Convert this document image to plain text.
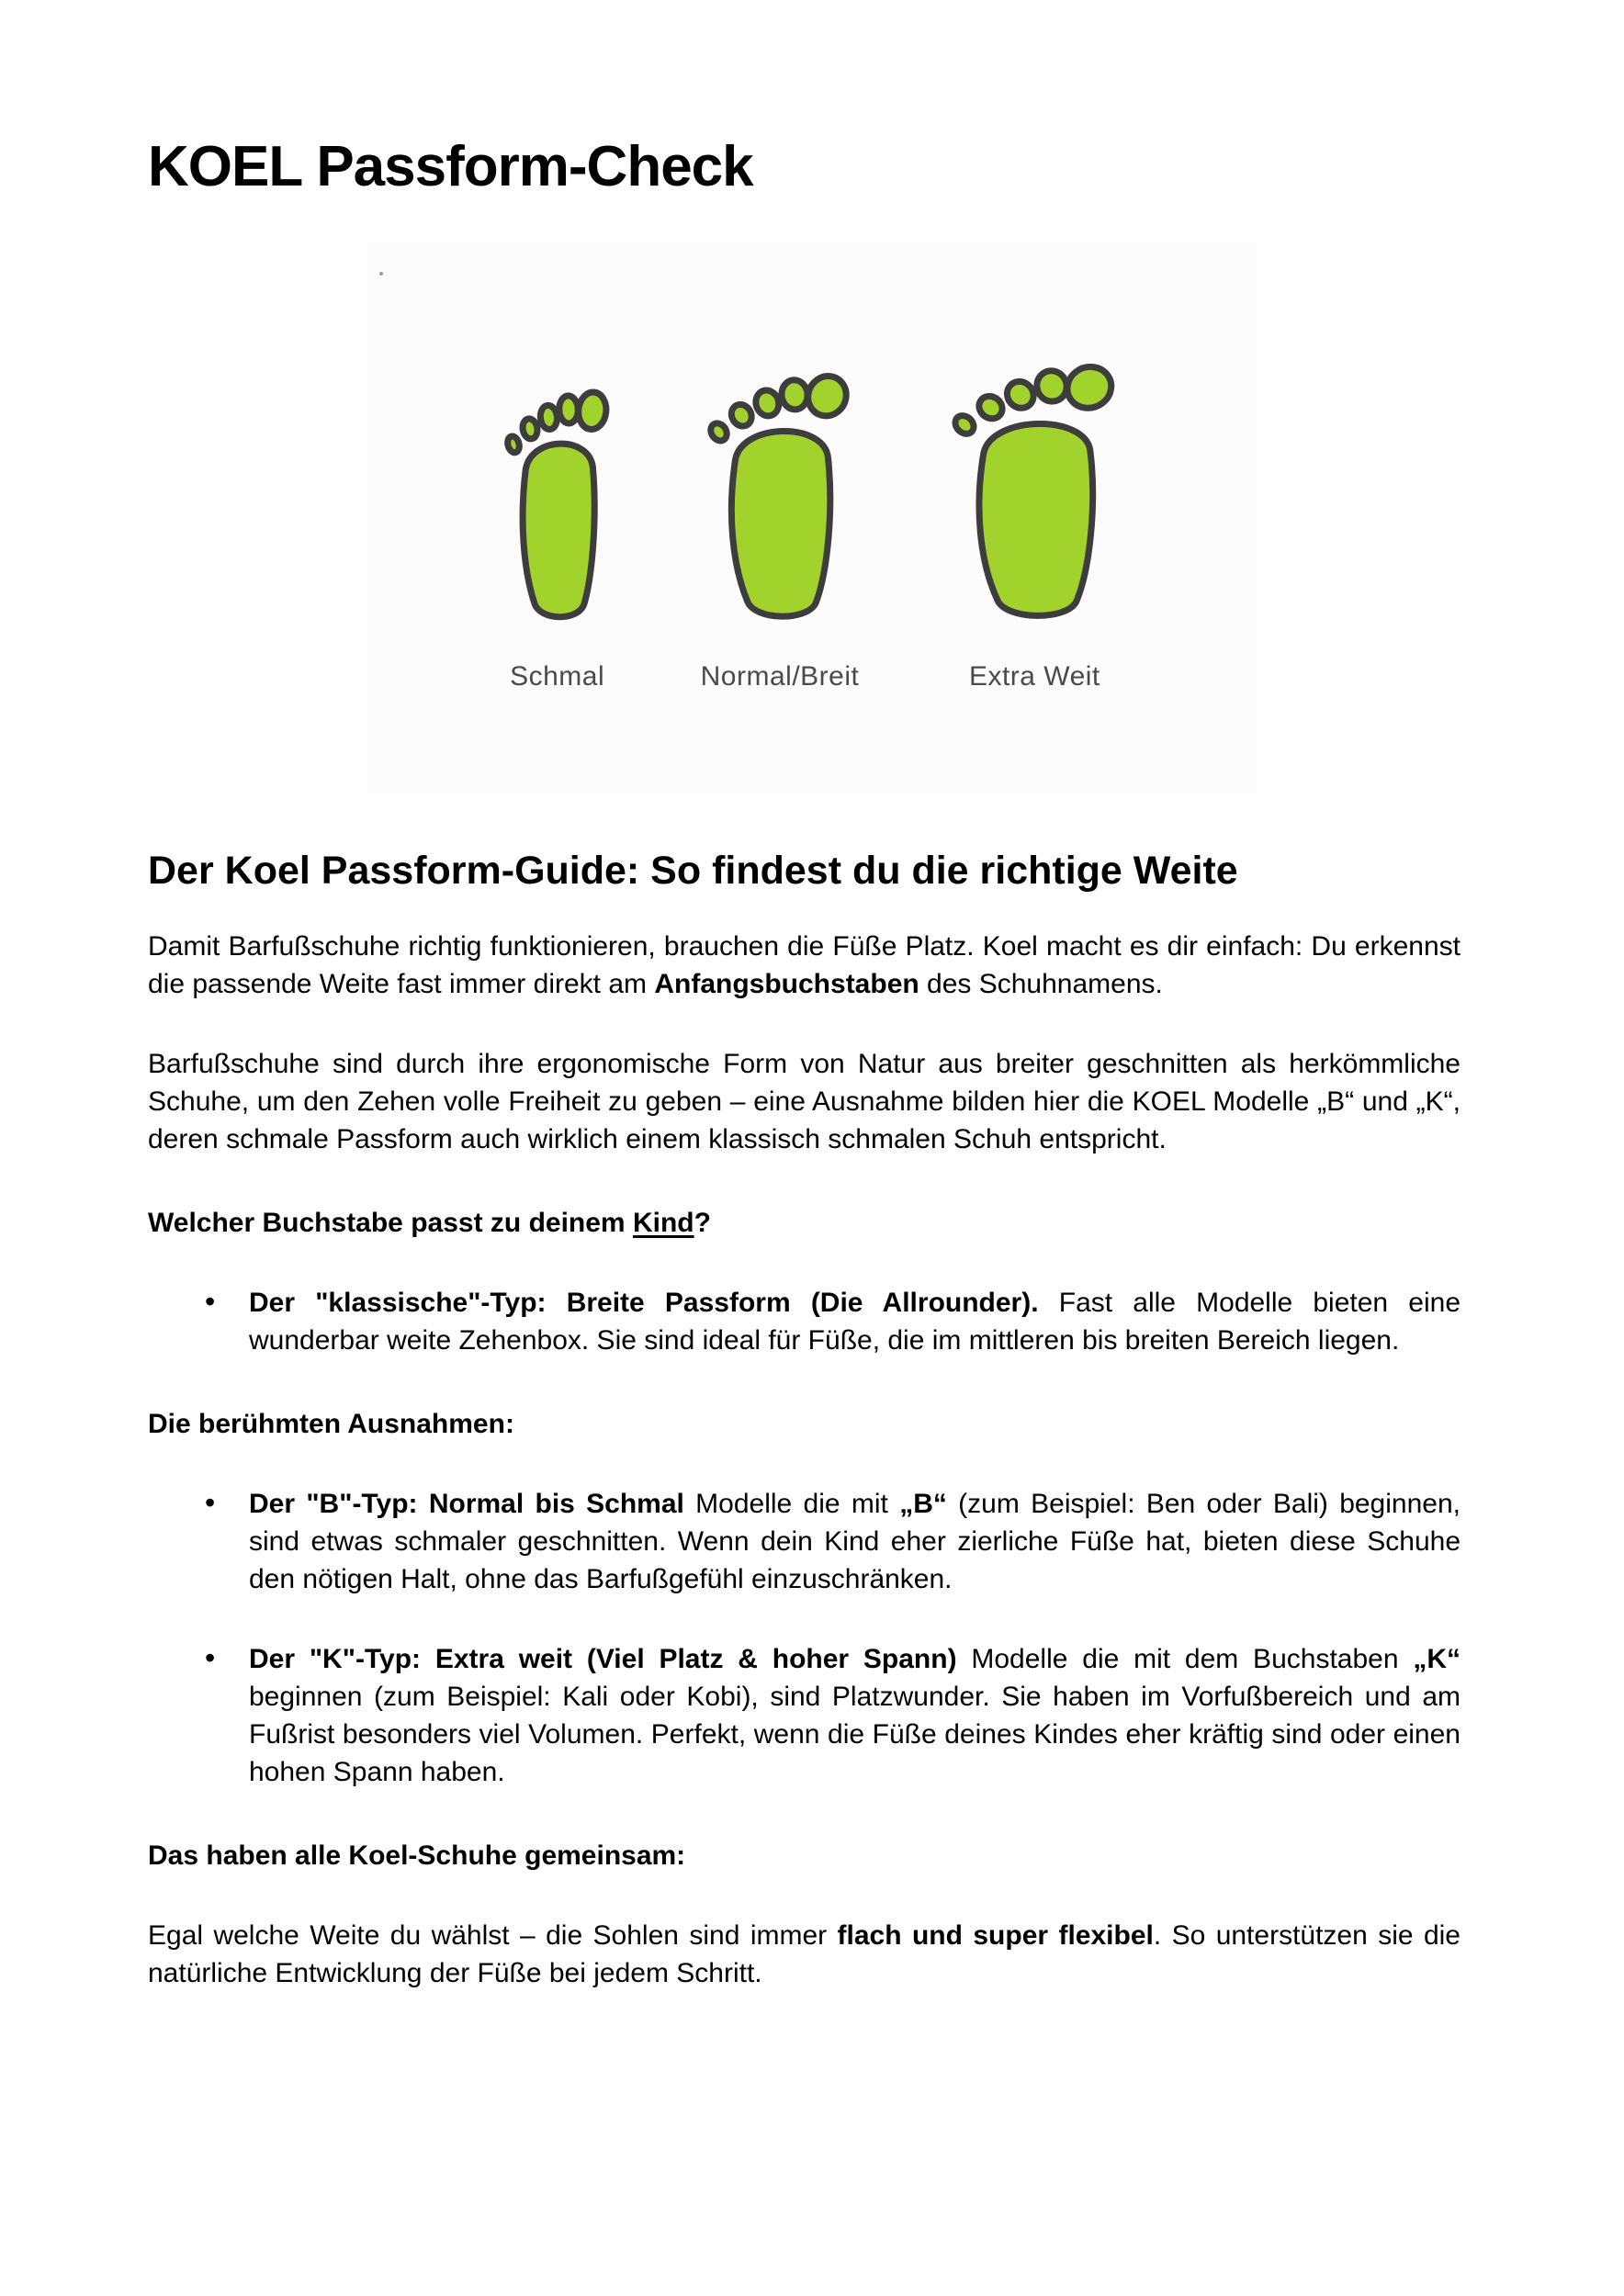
KOEL Passform-Check
Schmal	Normal/Breit	Extra Weit
Der Koel Passform-Guide: So findest du die richtige Weite

Damit Barfußschuhe richtig funktionieren, brauchen die Füße Platz. Koel macht es dir einfach: Du erkennst die passende Weite fast immer direkt am Anfangsbuchstaben des Schuhnamens.

Barfußschuhe sind durch ihre ergonomische Form von Natur aus breiter geschnitten als herkömmliche Schuhe, um den Zehen volle Freiheit zu geben – eine Ausnahme bilden hier die KOEL Modelle „B“ und „K“, deren schmale Passform auch wirklich einem klassisch schmalen Schuh entspricht.

Welcher Buchstabe passt zu deinem Kind?
• Der "klassische"-Typ: Breite Passform (Die Allrounder). Fast alle Modelle bieten eine wunderbar weite Zehenbox. Sie sind ideal für Füße, die im mittleren bis breiten Bereich liegen.
Die berühmten Ausnahmen:
• Der "B"-Typ: Normal bis Schmal Modelle die mit „B“ (zum Beispiel: Ben oder Bali) beginnen, sind etwas schmaler geschnitten. Wenn dein Kind eher zierliche Füße hat, bieten diese Schuhe den nötigen Halt, ohne das Barfußgefühl einzuschränken.
• Der "K"-Typ: Extra weit (Viel Platz & hoher Spann) Modelle die mit dem Buchstaben „K“ beginnen (zum Beispiel: Kali oder Kobi), sind Platzwunder. Sie haben im Vorfußbereich und am Fußrist besonders viel Volumen. Perfekt, wenn die Füße deines Kindes eher kräftig sind oder einen hohen Spann haben.
Das haben alle Koel-Schuhe gemeinsam:

Egal welche Weite du wählst – die Sohlen sind immer flach und super flexibel. So unterstützen sie die natürliche Entwicklung der Füße bei jedem Schritt.
